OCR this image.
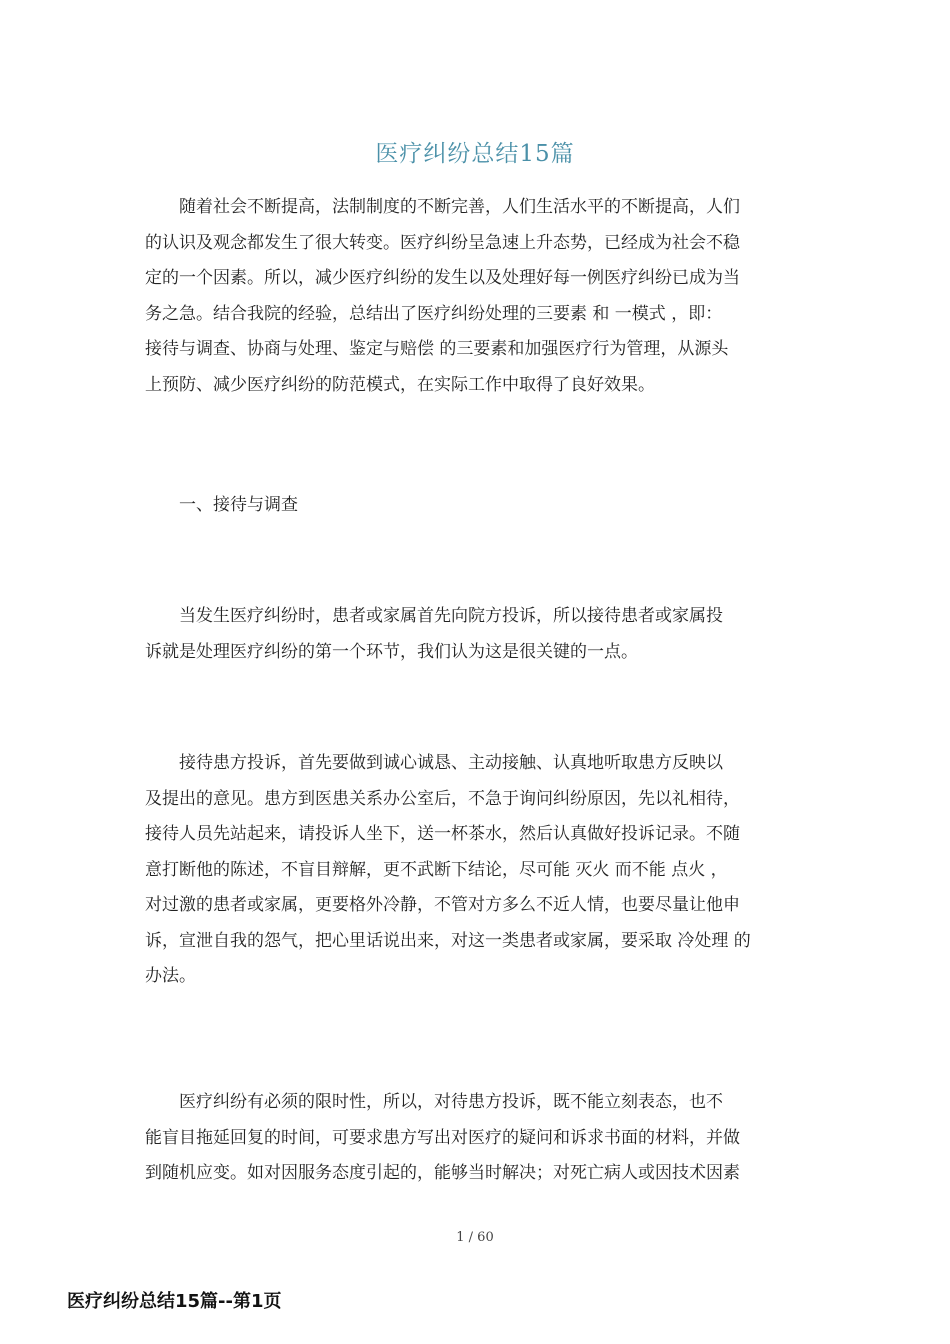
医疗纠纷总结15篇

随着社会不断提高，法制制度的不断完善，人们生活水平的不断提高，人们
的认识及观念都发生了很大转变。医疗纠纷呈急速上升态势，已经成为社会不稳
定的一个因素。所以，减少医疗纠纷的发生以及处理好每一例医疗纠纷已成为当
务之急。结合我院的经验，总结出了医疗纠纷处理的三要素 和 一模式 ，即：
接待与调查、协商与处理、鉴定与赔偿 的三要素和加强医疗行为管理，从源头
上预防、减少医疗纠纷的防范模式，在实际工作中取得了良好效果。

一、接待与调查

当发生医疗纠纷时，患者或家属首先向院方投诉，所以接待患者或家属投
诉就是处理医疗纠纷的第一个环节，我们认为这是很关键的一点。

接待患方投诉，首先要做到诚心诚恳、主动接触、认真地听取患方反映以
及提出的意见。患方到医患关系办公室后，不急于询问纠纷原因，先以礼相待，
接待人员先站起来，请投诉人坐下，送一杯茶水，然后认真做好投诉记录。不随
意打断他的陈述，不盲目辩解，更不武断下结论，尽可能 灭火 而不能 点火 ，
对过激的患者或家属，更要格外冷静，不管对方多么不近人情，也要尽量让他申
诉，宣泄自我的怨气，把心里话说出来，对这一类患者或家属，要采取 冷处理 的
办法。

医疗纠纷有必须的限时性，所以，对待患方投诉，既不能立刻表态，也不
能盲目拖延回复的时间，可要求患方写出对医疗的疑问和诉求书面的材料，并做
到随机应变。如对因服务态度引起的，能够当时解决；对死亡病人或因技术因素

1 / 60
医疗纠纷总结15篇--第1页
